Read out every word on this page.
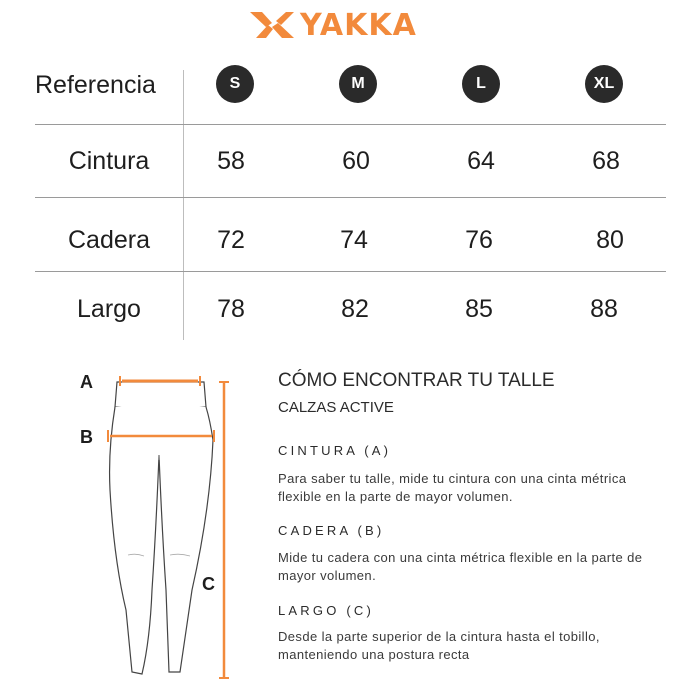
YAKKA
Referencia	S	M	L	XL
Cintura	58	60	64	68
Cadera	72	74	76	80
Largo	78	82	85	88
A
B
C
CÓMO ENCONTRAR TU TALLE
CALZAS ACTIVE
CINTURA (A)
Para saber tu talle, mide tu cintura con una cinta métrica flexible en la parte de mayor volumen.
CADERA (B)
Mide tu cadera con una cinta métrica flexible en la parte de mayor volumen.
LARGO (C)
Desde la parte superior de la cintura hasta el tobillo, manteniendo una postura recta
